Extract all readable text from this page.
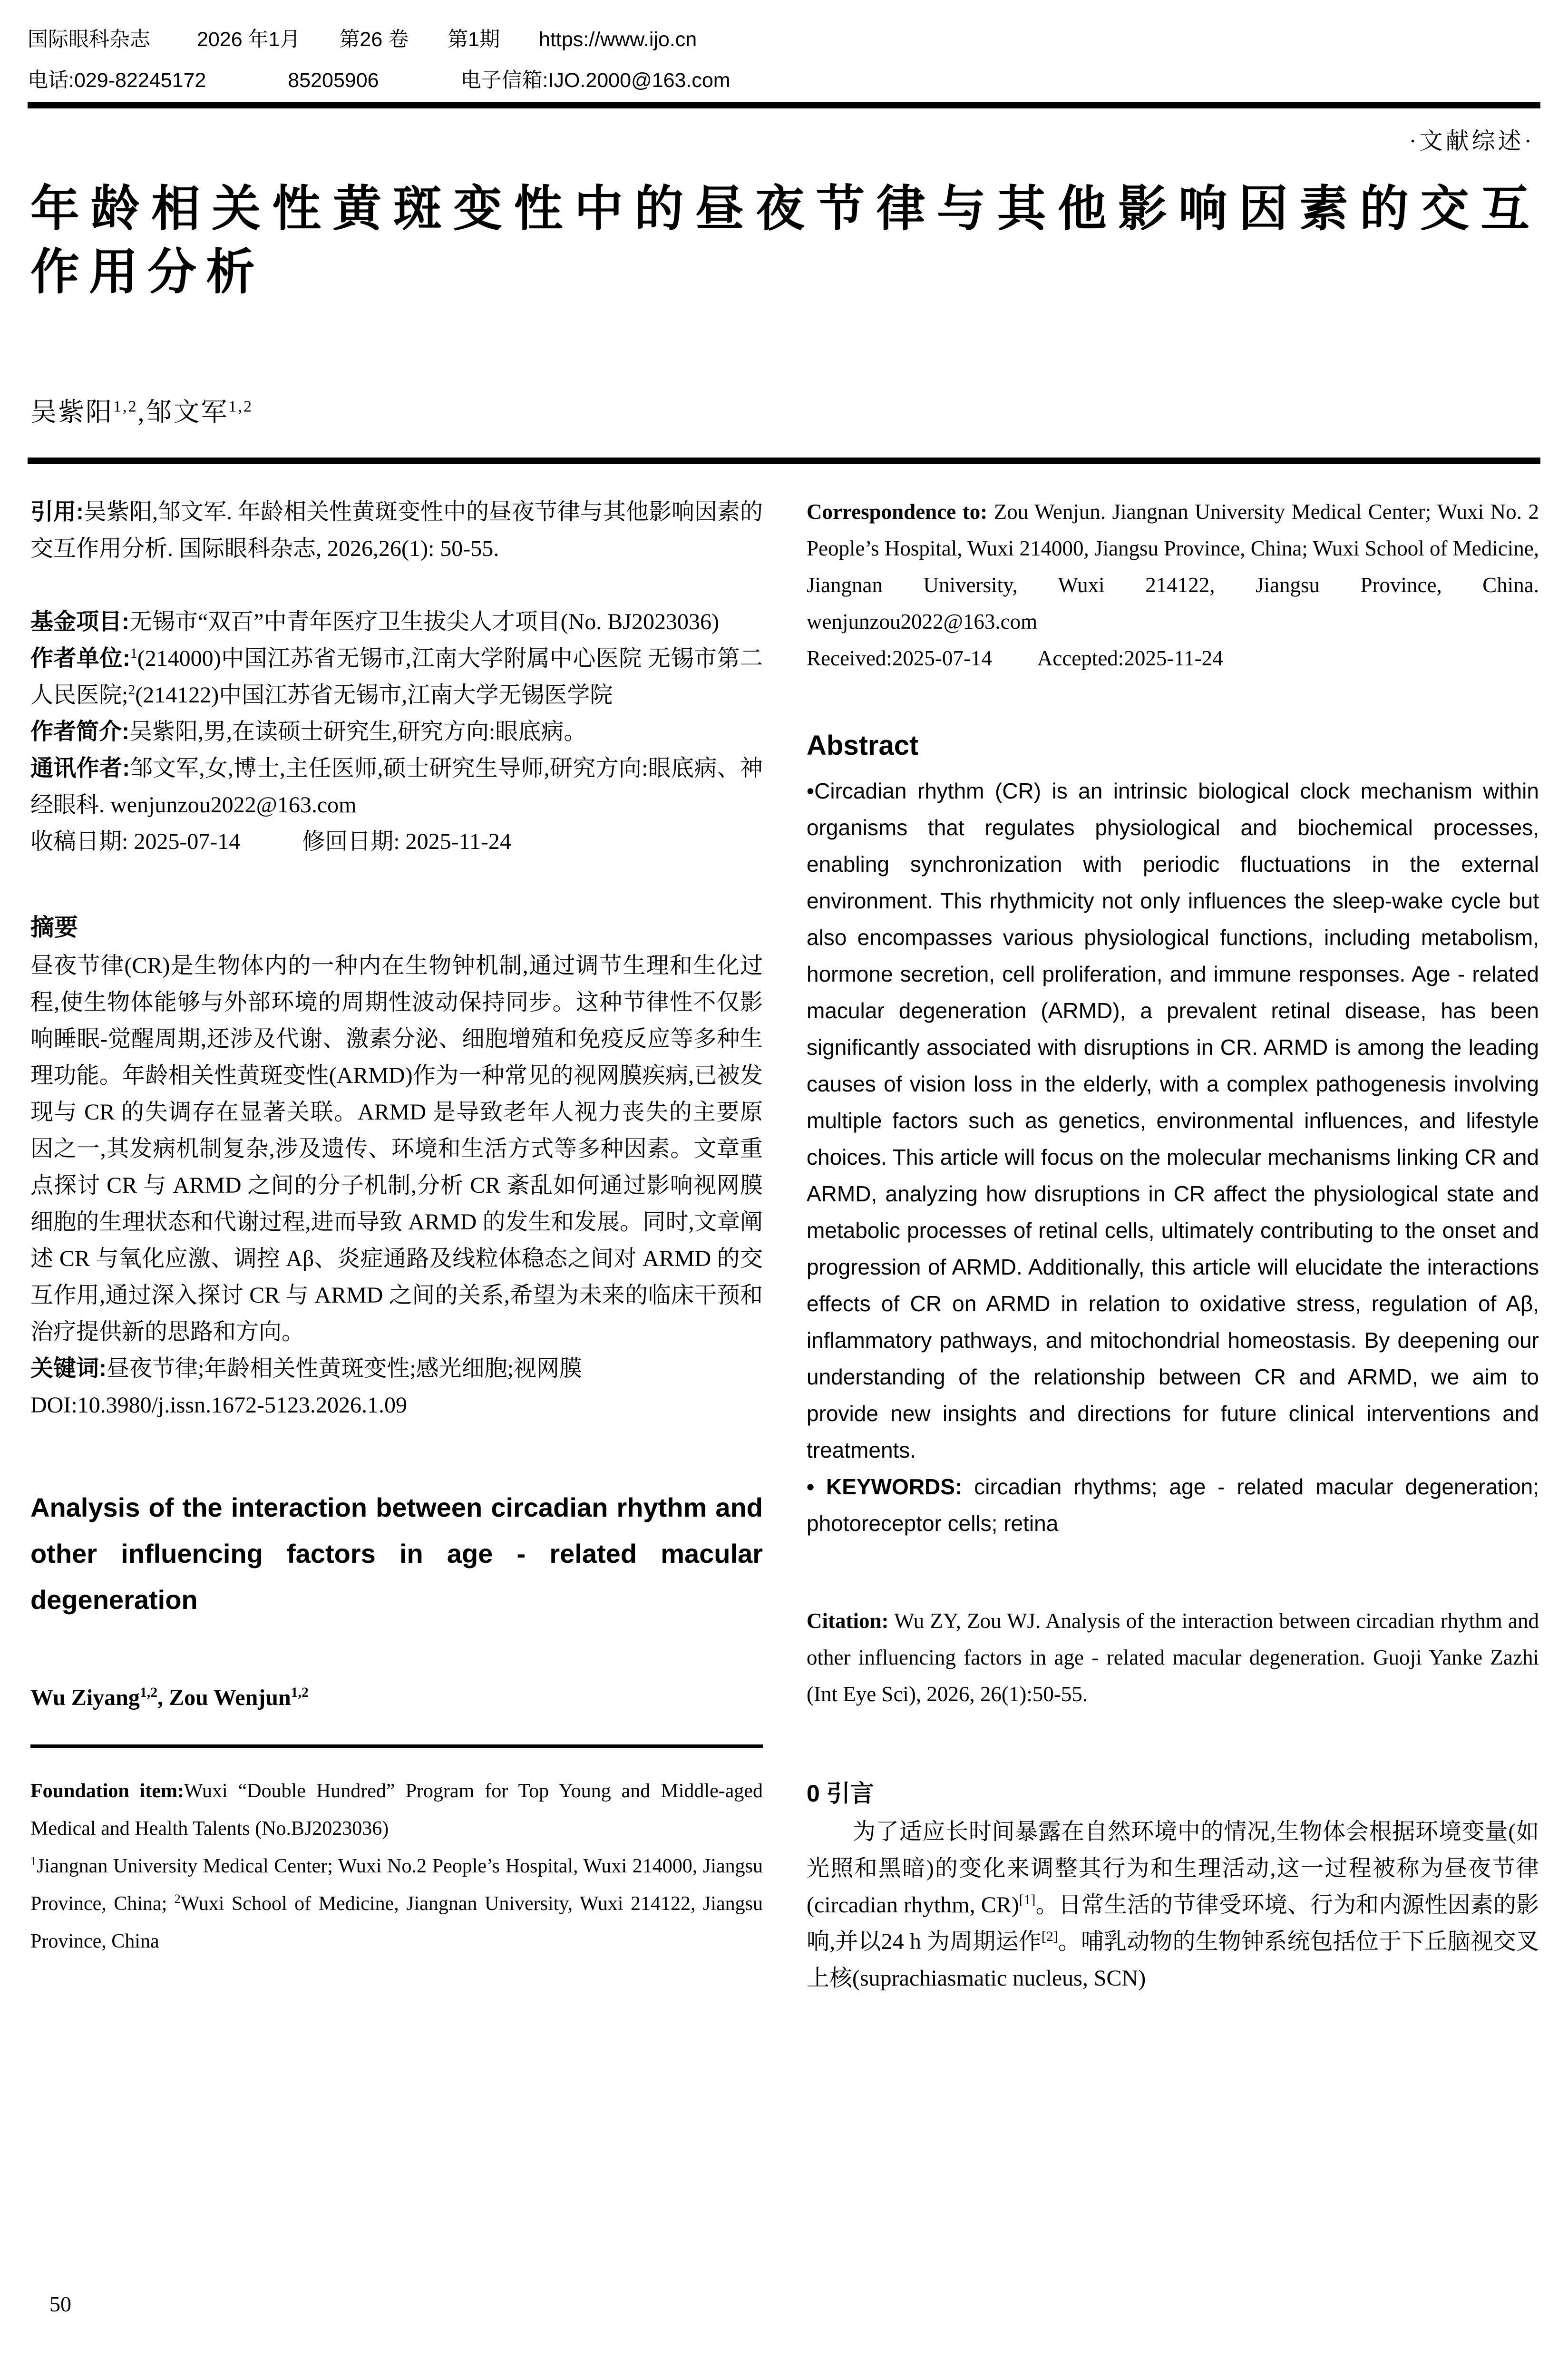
国际眼科杂志 2026 年1月 第26 卷 第1期 https://www.ijo.cn
电话:029-82245172	85205906	电子信箱:IJO.2000@163.com
·文献综述·
年龄相关性黄斑变性中的昼夜节律与其他影响因素的交互作用分析
吴紫阳$^{1,2}$,邹文军$^{1,2}$

引用:吴紫阳,邹文军. 年龄相关性黄斑变性中的昼夜节律与其他影响因素的交互作用分析. 国际眼科杂志, 2026,26(1): 50-55.

基金项目:无锡市“双百”中青年医疗卫生拔尖人才项目(No. BJ2023036)

作者单位:$^1$(214000)中国江苏省无锡市,江南大学附属中心医院 无锡市第二人民医院;$^2$(214122)中国江苏省无锡市,江南大学无锡医学院

作者简介:吴紫阳,男,在读硕士研究生,研究方向:眼底病。

通讯作者:邹文军,女,博士,主任医师,硕士研究生导师,研究方向:眼底病、神经眼科. wenjunzou2022@163.com

收稿日期: 2025-07-14	修回日期: 2025-11-24

摘要

昼夜节律(CR)是生物体内的一种内在生物钟机制,通过调节生理和生化过程,使生物体能够与外部环境的周期性波动保持同步。这种节律性不仅影响睡眠-觉醒周期,还涉及代谢、激素分泌、细胞增殖和免疫反应等多种生理功能。年龄相关性黄斑变性(ARMD)作为一种常见的视网膜疾病,已被发现与 CR 的失调存在显著关联。ARMD 是导致老年人视力丧失的主要原因之一,其发病机制复杂,涉及遗传、环境和生活方式等多种因素。文章重点探讨 CR 与 ARMD 之间的分子机制,分析 CR 紊乱如何通过影响视网膜细胞的生理状态和代谢过程,进而导致 ARMD 的发生和发展。同时,文章阐述 CR 与氧化应激、调控 Aβ、炎症通路及线粒体稳态之间对 ARMD 的交互作用,通过深入探讨 CR 与 ARMD 之间的关系,希望为未来的临床干预和治疗提供新的思路和方向。

关键词:昼夜节律;年龄相关性黄斑变性;感光细胞;视网膜

DOI:10.3980/j.issn.1672-5123.2026.1.09

Analysis of the interaction between circadian rhythm and other influencing factors in age - related macular degeneration

Wu Ziyang$^{1,2}$, Zou Wenjun$^{1,2}$

Foundation item:Wuxi “Double Hundred” Program for Top Young and Middle-aged Medical and Health Talents (No.BJ2023036)

$^1$Jiangnan University Medical Center; Wuxi No.2 People’s Hospital, Wuxi 214000, Jiangsu Province, China; $^2$Wuxi School of Medicine, Jiangnan University, Wuxi 214122, Jiangsu Province, China

Correspondence to: Zou Wenjun. Jiangnan University Medical Center; Wuxi No. 2 People’s Hospital, Wuxi 214000, Jiangsu Province, China; Wuxi School of Medicine, Jiangnan University, Wuxi 214122, Jiangsu Province, China. wenjunzou2022@163.com

Received:2025-07-14 Accepted:2025-11-24

Abstract

•Circadian rhythm (CR) is an intrinsic biological clock mechanism within organisms that regulates physiological and biochemical processes, enabling synchronization with periodic fluctuations in the external environment. This rhythmicity not only influences the sleep-wake cycle but also encompasses various physiological functions, including metabolism, hormone secretion, cell proliferation, and immune responses. Age - related macular degeneration (ARMD), a prevalent retinal disease, has been significantly associated with disruptions in CR. ARMD is among the leading causes of vision loss in the elderly, with a complex pathogenesis involving multiple factors such as genetics, environmental influences, and lifestyle choices. This article will focus on the molecular mechanisms linking CR and ARMD, analyzing how disruptions in CR affect the physiological state and metabolic processes of retinal cells, ultimately contributing to the onset and progression of ARMD. Additionally, this article will elucidate the interactions effects of CR on ARMD in relation to oxidative stress, regulation of Aβ, inflammatory pathways, and mitochondrial homeostasis. By deepening our understanding of the relationship between CR and ARMD, we aim to provide new insights and directions for future clinical interventions and treatments.

• KEYWORDS: circadian rhythms; age - related macular degeneration; photoreceptor cells; retina

Citation: Wu ZY, Zou WJ. Analysis of the interaction between circadian rhythm and other influencing factors in age - related macular degeneration. Guoji Yanke Zazhi (Int Eye Sci), 2026, 26(1):50-55.

0 引言

为了适应长时间暴露在自然环境中的情况,生物体会根据环境变量(如光照和黑暗)的变化来调整其行为和生理活动,这一过程被称为昼夜节律(circadian rhythm, CR)[1]。日常生活的节律受环境、行为和内源性因素的影响,并以24 h 为周期运作[2]。哺乳动物的生物钟系统包括位于下丘脑视交叉上核(suprachiasmatic nucleus, SCN)

50
